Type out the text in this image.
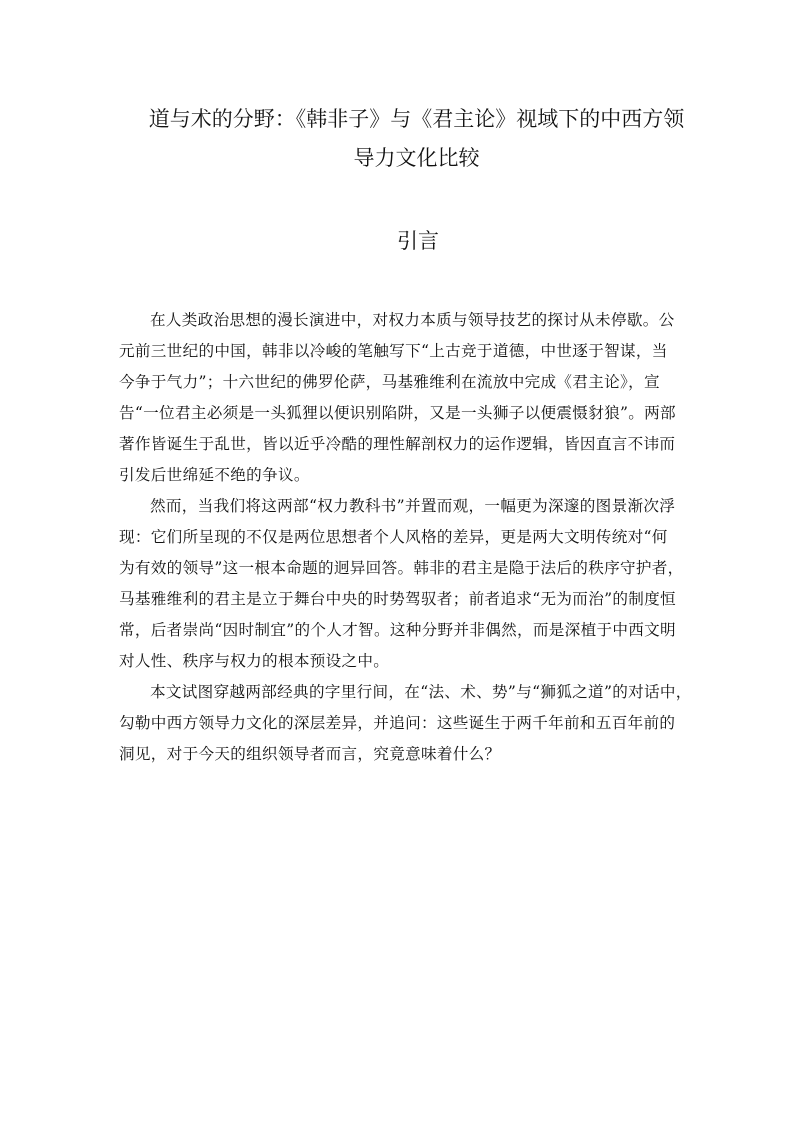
道与术的分野：《韩非子》与《君主论》视域下的中西方领
导力文化比较
引言
在人类政治思想的漫长演进中，对权力本质与领导技艺的探讨从未停歇。公
元前三世纪的中国，韩非以冷峻的笔触写下“上古竞于道德，中世逐于智谋，当
今争于气力”；十六世纪的佛罗伦萨，马基雅维利在流放中完成《君主论》，宣
告“一位君主必须是一头狐狸以便识别陷阱，又是一头狮子以便震慑豺狼”。两部
著作皆诞生于乱世，皆以近乎冷酷的理性解剖权力的运作逻辑，皆因直言不讳而
引发后世绵延不绝的争议。
然而，当我们将这两部“权力教科书”并置而观，一幅更为深邃的图景渐次浮
现：它们所呈现的不仅是两位思想者个人风格的差异，更是两大文明传统对“何
为有效的领导”这一根本命题的迥异回答。韩非的君主是隐于法后的秩序守护者，
马基雅维利的君主是立于舞台中央的时势驾驭者；前者追求“无为而治”的制度恒
常，后者崇尚“因时制宜”的个人才智。这种分野并非偶然，而是深植于中西文明
对人性、秩序与权力的根本预设之中。
本文试图穿越两部经典的字里行间，在“法、术、势”与“狮狐之道”的对话中，
勾勒中西方领导力文化的深层差异，并追问：这些诞生于两千年前和五百年前的
洞见，对于今天的组织领导者而言，究竟意味着什么？
